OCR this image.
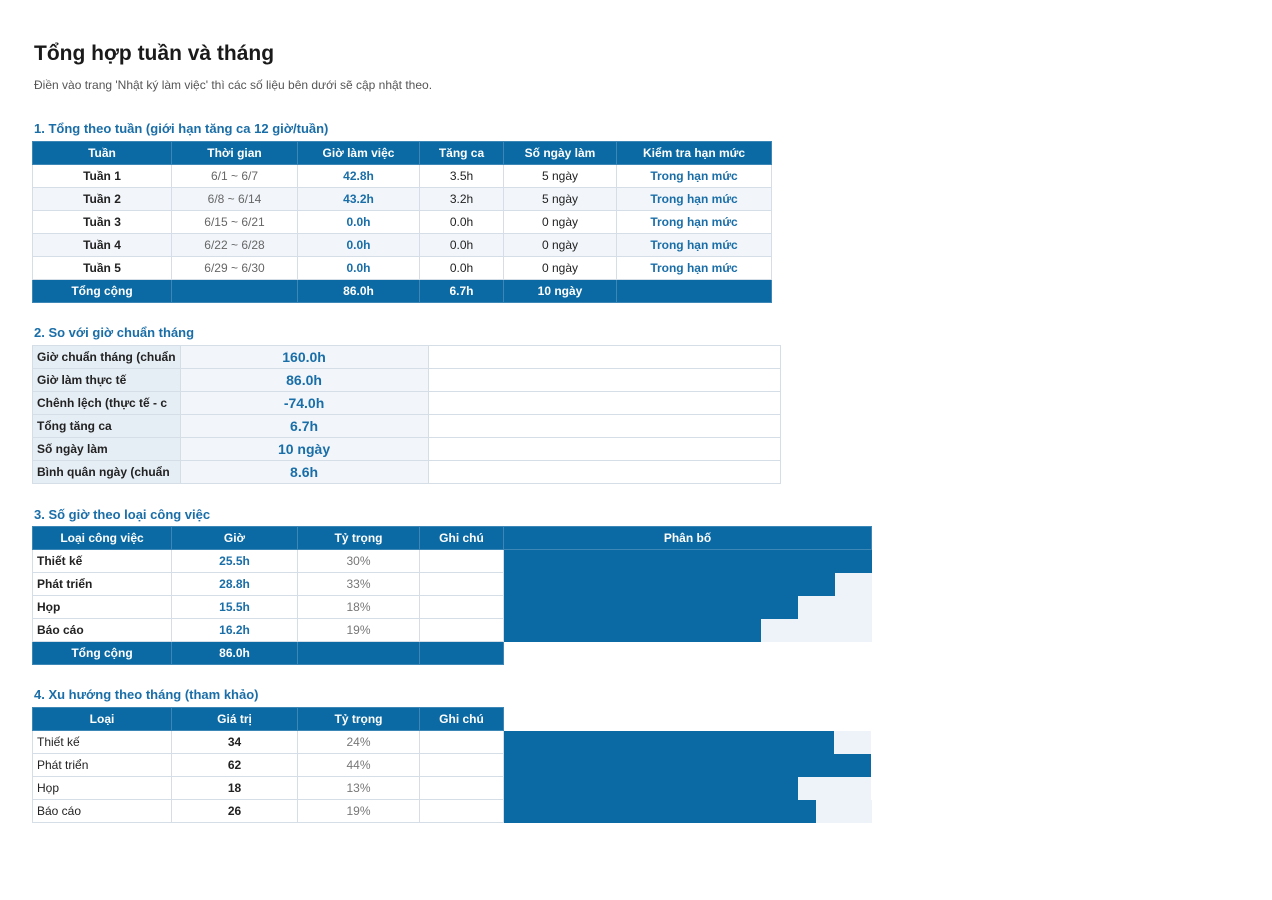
Tổng hợp tuần và tháng
Điền vào trang 'Nhật ký làm việc' thì các số liệu bên dưới sẽ cập nhật theo.
1. Tổng theo tuần (giới hạn tăng ca 12 giờ/tuần)
Tuần	Thời gian	Giờ làm việc	Tăng ca	Số ngày làm	Kiểm tra hạn mức
Tuần 1	6/1 ~ 6/7	42.8h	3.5h	5 ngày	Trong hạn mức
Tuần 2	6/8 ~ 6/14	43.2h	3.2h	5 ngày	Trong hạn mức
Tuần 3	6/15 ~ 6/21	0.0h	0.0h	0 ngày	Trong hạn mức
Tuần 4	6/22 ~ 6/28	0.0h	0.0h	0 ngày	Trong hạn mức
Tuần 5	6/29 ~ 6/30	0.0h	0.0h	0 ngày	Trong hạn mức
Tổng cộng		86.0h	6.7h	10 ngày	
2. So với giờ chuẩn tháng
Giờ chuẩn tháng (chuẩn	160.0h	
Giờ làm thực tế	86.0h	
Chênh lệch (thực tế - c	-74.0h	
Tổng tăng ca	6.7h	
Số ngày làm	10 ngày	
Bình quân ngày (chuẩn	8.6h	
3. Số giờ theo loại công việc
Loại công việc	Giờ	Tỷ trọng	Ghi chú	Phân bố
Thiết kế	25.5h	30%		

Phát triển	28.8h	33%		

Họp	15.5h	18%		

Báo cáo	16.2h	19%		

Tổng cộng	86.0h			
4. Xu hướng theo tháng (tham khảo)
Loại	Giá trị	Tỷ trọng	Ghi chú	
Thiết kế	34	24%		

Phát triển	62	44%		

Họp	18	13%		

Báo cáo	26	19%		
